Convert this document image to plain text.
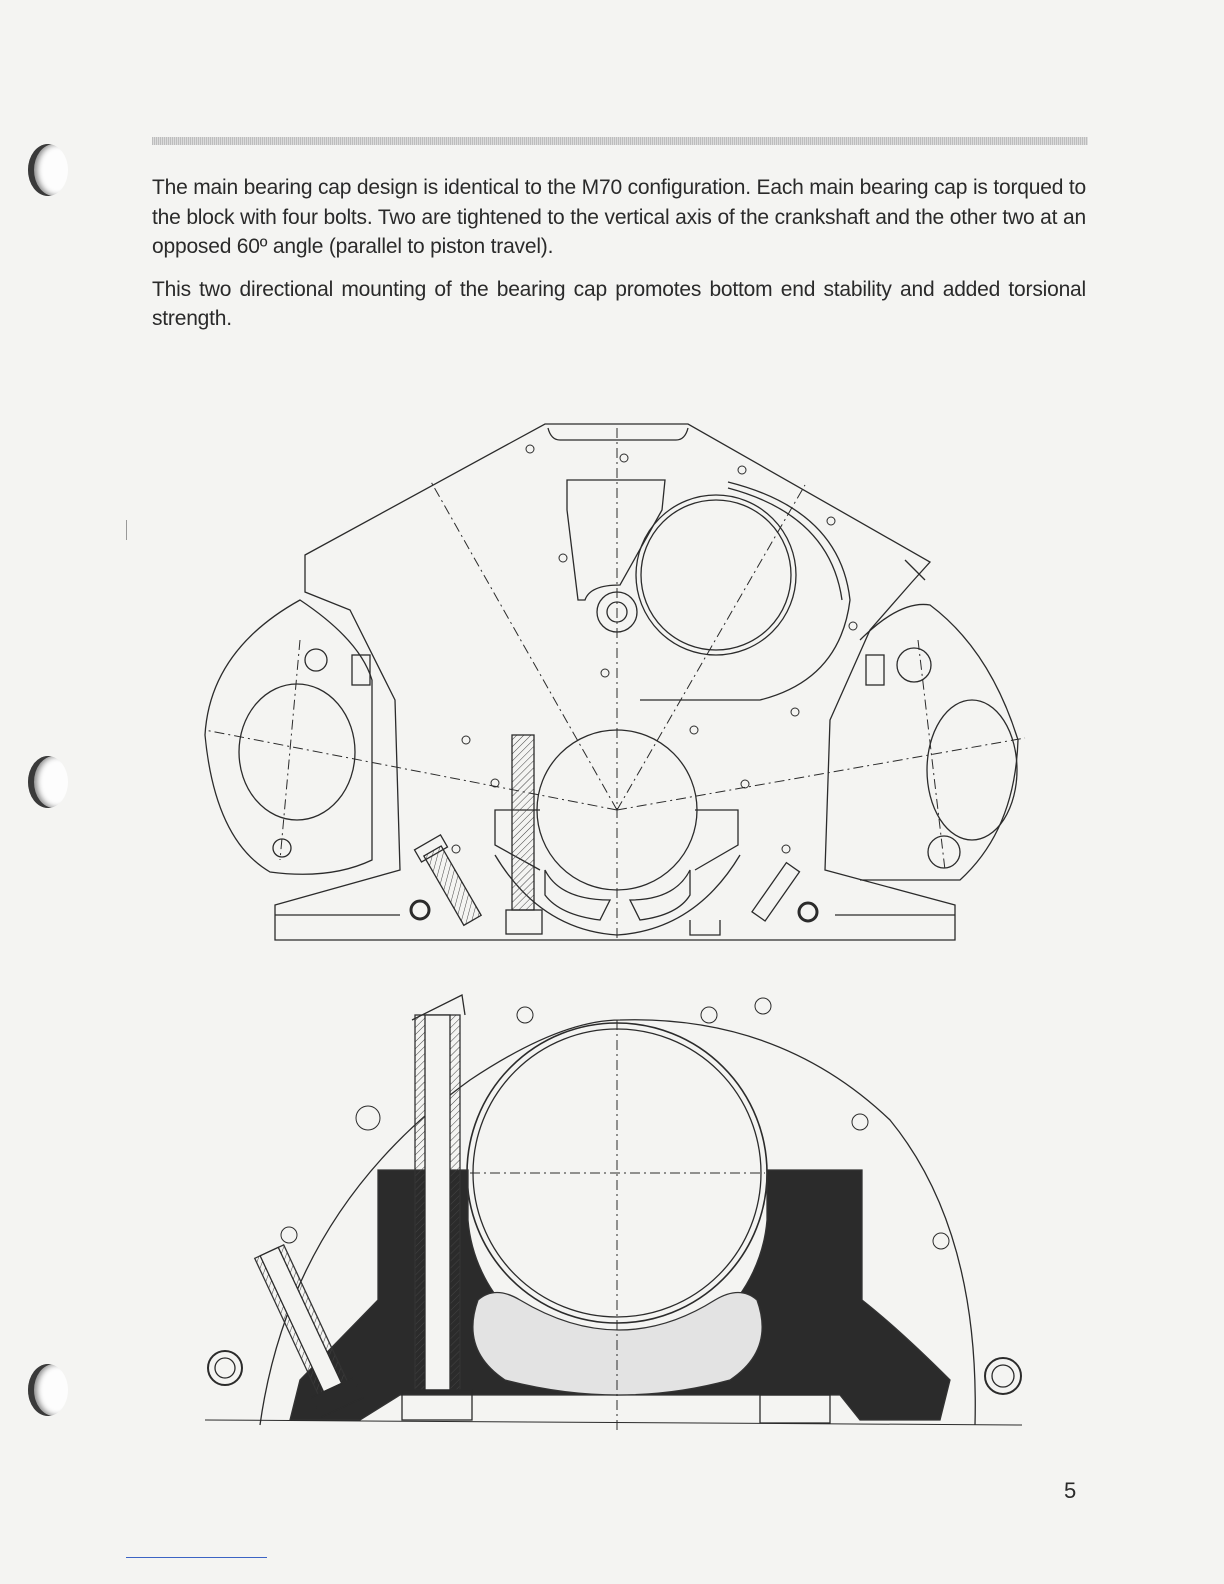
The main bearing cap design is identical to the M70 configuration. Each main bearing cap is torqued to the block with four bolts. Two are tightened to the vertical axis of the crankshaft and the other two at an opposed 60º angle (parallel to piston travel).

This two directional mounting of the bearing cap promotes bottom end stability and added torsional strength.

5
